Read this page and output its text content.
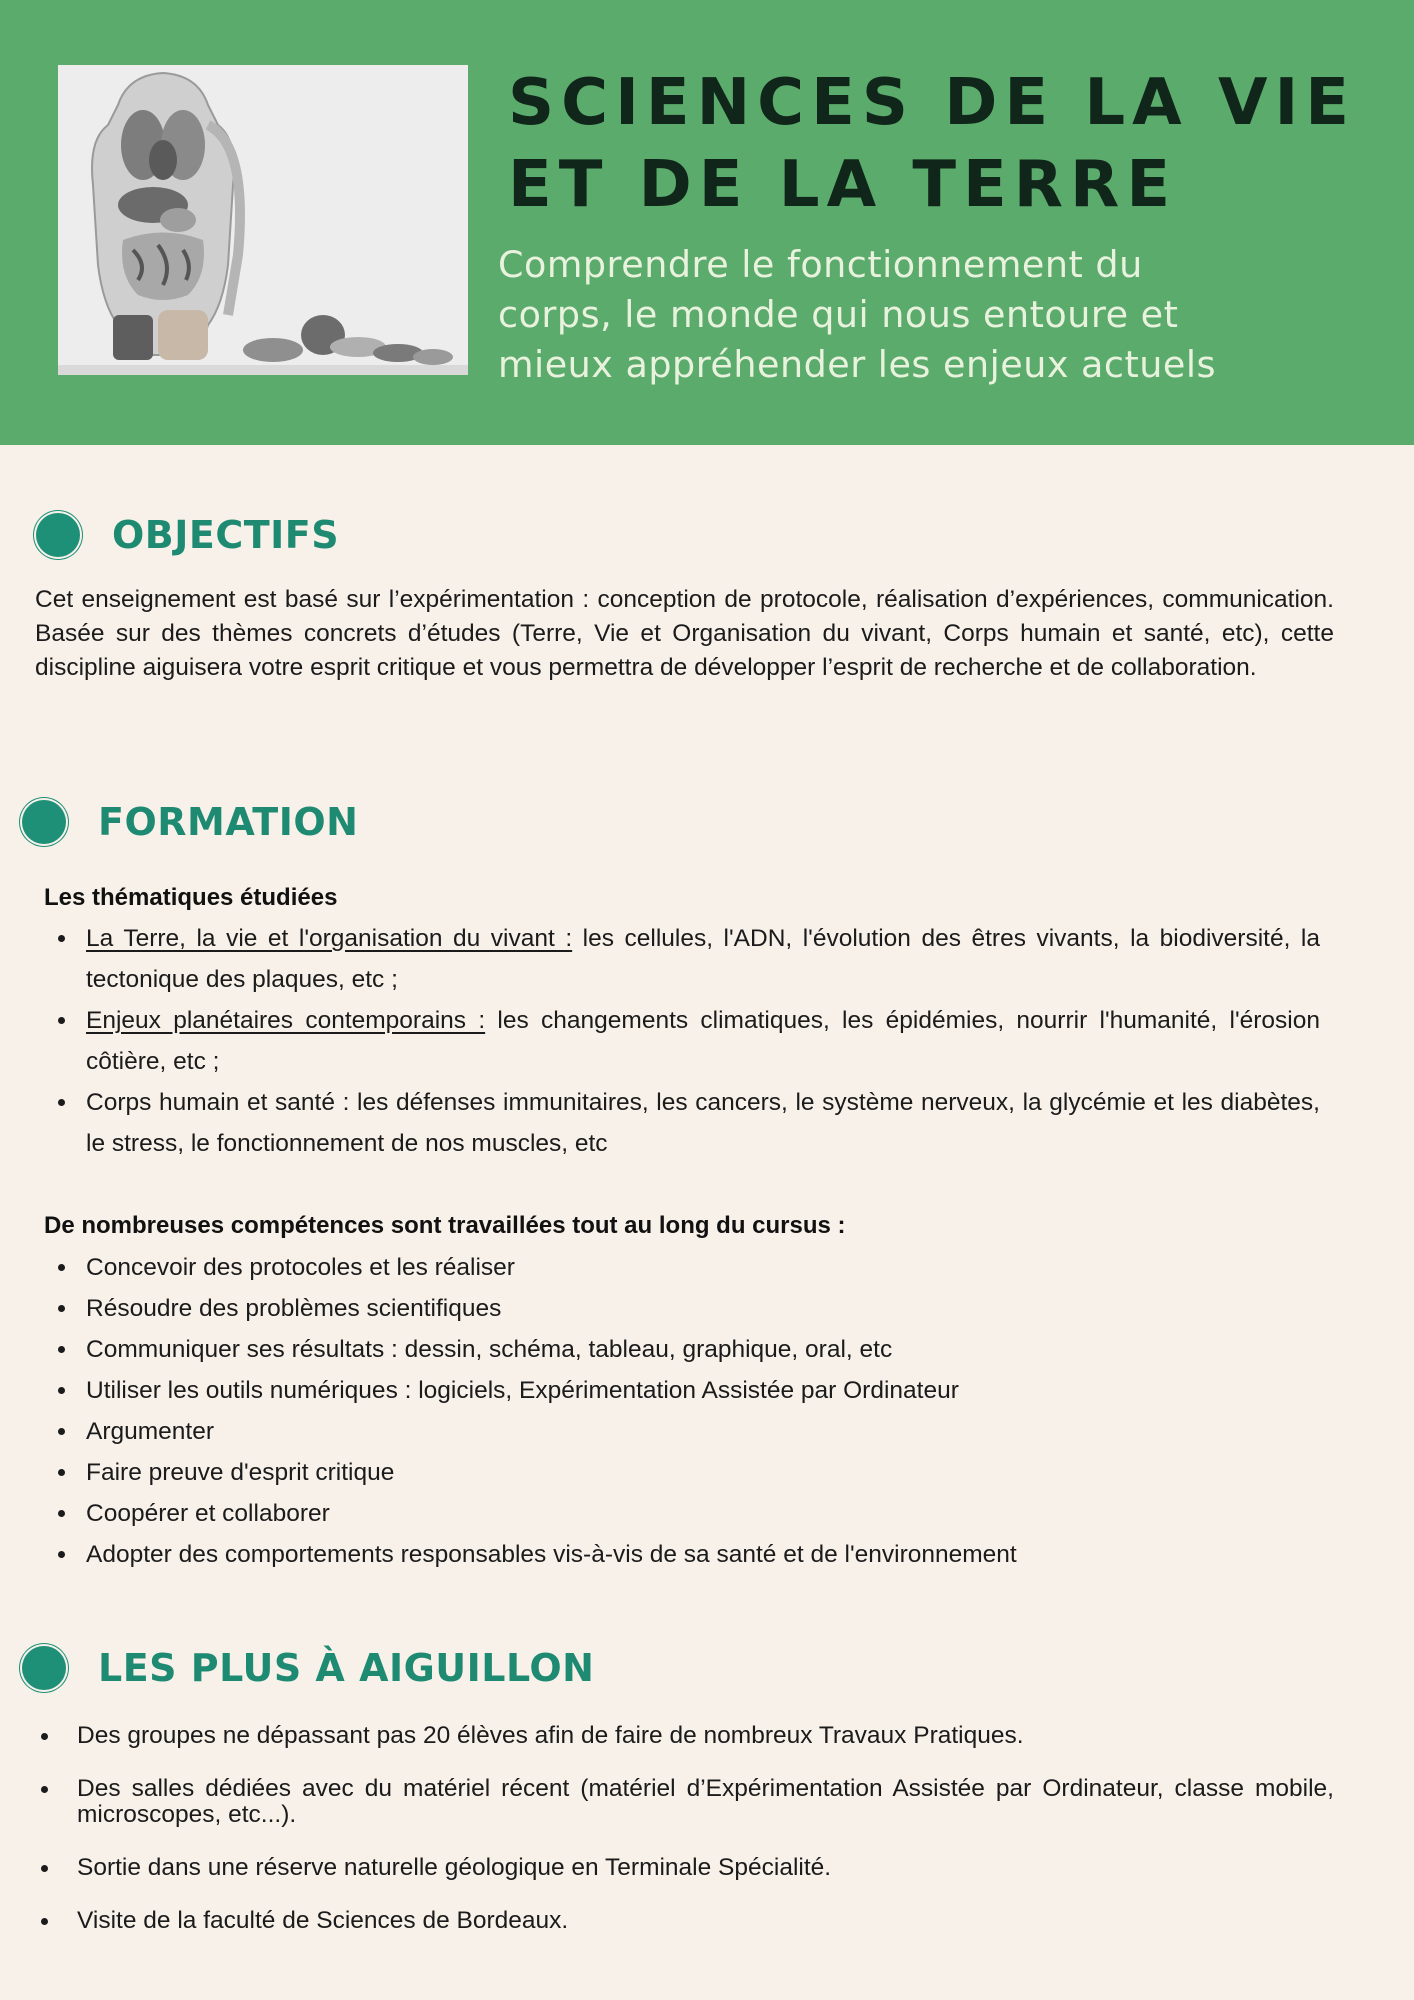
SCIENCES DE LA VIE
ET DE LA TERRE
Comprendre le fonctionnement du
corps, le monde qui nous entoure et
mieux appréhender les enjeux actuels
OBJECTIFS

Cet enseignement est basé sur l’expérimentation : conception de protocole, réalisation d’expériences, communication. Basée sur des thèmes concrets d’études (Terre, Vie et Organisation du vivant, Corps humain et santé, etc), cette discipline aiguisera votre esprit critique et vous permettra de développer l’esprit de recherche et de collaboration.

FORMATION
Les thématiques étudiées
La Terre, la vie et l'organisation du vivant : les cellules, l'ADN, l'évolution des êtres vivants, la biodiversité, la tectonique des plaques, etc ;
Enjeux planétaires contemporains : les changements climatiques, les épidémies, nourrir l'humanité, l'érosion côtière, etc ;
Corps humain et santé : les défenses immunitaires, les cancers, le système nerveux, la glycémie et les diabètes, le stress, le fonctionnement de nos muscles, etc
De nombreuses compétences sont travaillées tout au long du cursus :
Concevoir des protocoles et les réaliser
Résoudre des problèmes scientifiques
Communiquer ses résultats : dessin, schéma, tableau, graphique, oral, etc
Utiliser les outils numériques : logiciels, Expérimentation Assistée par Ordinateur
Argumenter
Faire preuve d'esprit critique
Coopérer et collaborer
Adopter des comportements responsables vis-à-vis de sa santé et de l'environnement
LES PLUS À AIGUILLON
Des groupes ne dépassant pas 20 élèves afin de faire de nombreux Travaux Pratiques.
Des salles dédiées avec du matériel récent (matériel d’Expérimentation Assistée par Ordinateur, classe mobile, microscopes, etc...).
Sortie dans une réserve naturelle géologique en Terminale Spécialité.
Visite de la faculté de Sciences de Bordeaux.
